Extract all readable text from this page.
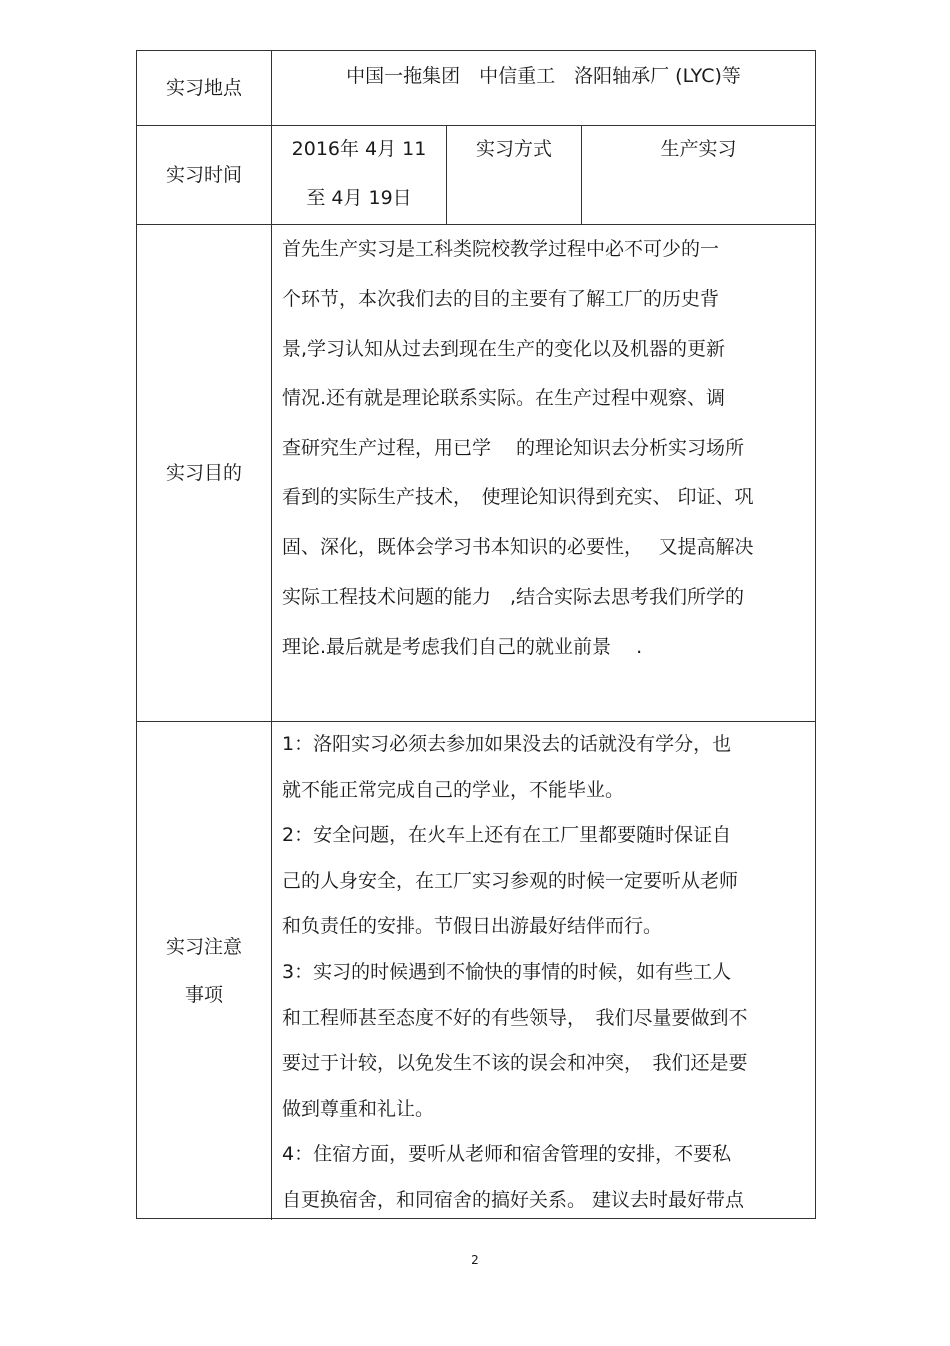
实习地点
中国一拖集团　中信重工　洛阳轴承厂 (LYC)等
实习时间
2016年 4月 11
至 4月 19日
实习方式	生产实习
实习目的
首先生产实习是工科类院校教学过程中必不可少的一
个环节，本次我们去的目的主要有了解工厂的历史背
景,学习认知从过去到现在生产的变化以及机器的更新
情况.还有就是理论联系实际。在生产过程中观察、调
查研究生产过程，用已学　 的理论知识去分析实习场所
看到的实际生产技术，　使理论知识得到充实、 印证、巩
固、深化，既体会学习书本知识的必要性，　 又提高解决
实际工程技术问题的能力　,结合实际去思考我们所学的
理论.最后就是考虑我们自己的就业前景　 .
实习注意
事项
1：洛阳实习必须去参加如果没去的话就没有学分，也
就不能正常完成自己的学业，不能毕业。
2：安全问题，在火车上还有在工厂里都要随时保证自
己的人身安全，在工厂实习参观的时候一定要听从老师
和负责任的安排。节假日出游最好结伴而行。
3：实习的时候遇到不愉快的事情的时候，如有些工人
和工程师甚至态度不好的有些领导，　我们尽量要做到不
要过于计较，以免发生不该的误会和冲突，　我们还是要
做到尊重和礼让。
4：住宿方面，要听从老师和宿舍管理的安排，不要私
自更换宿舍，和同宿舍的搞好关系。 建议去时最好带点
2
